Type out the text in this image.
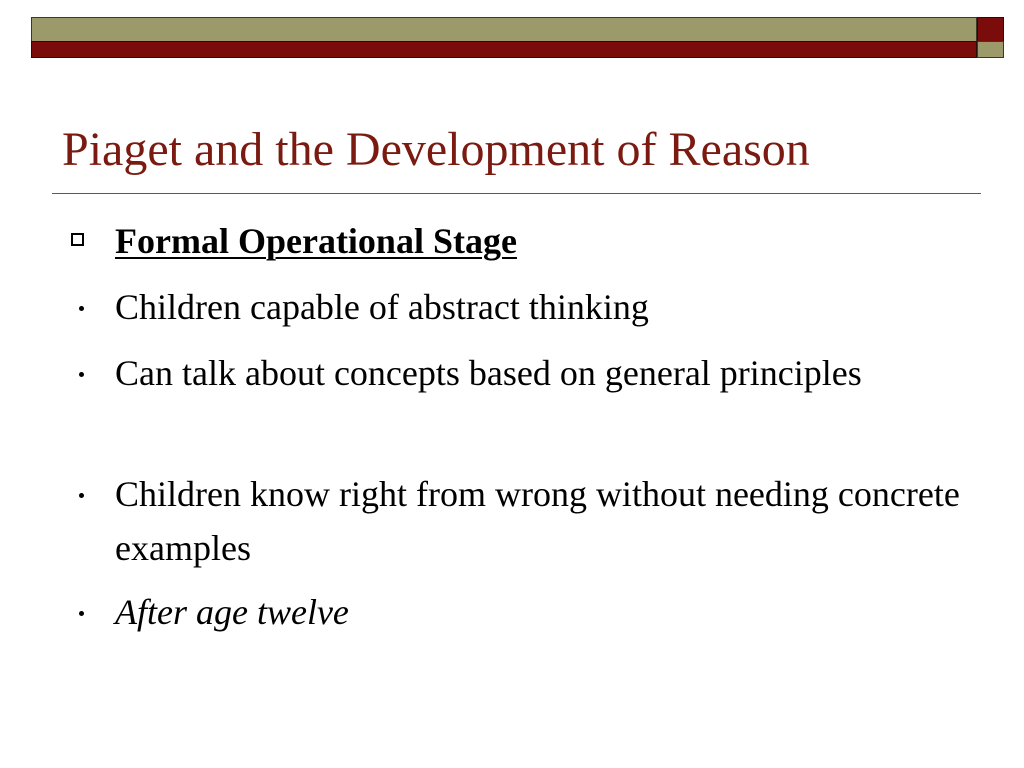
Piaget and the Development of Reason
Formal Operational Stage
Children capable of abstract thinking
Can talk about concepts based on general principles
Children know right from wrong without needing concrete examples
After age twelve
